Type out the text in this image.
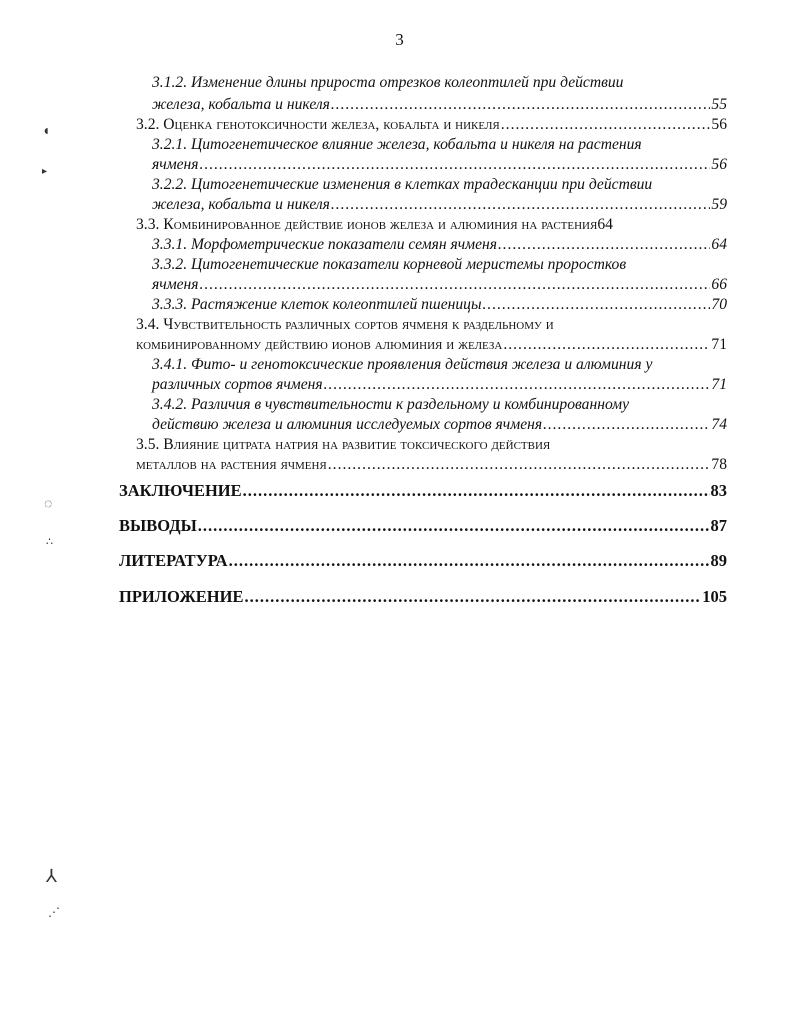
3
3.1.2. Изменение длины прироста отрезков колеоптилей при действии
железа, кобальта и никеля .....	55
3.2. Оценка генотоксичности железа, кобальта и никеля .....	56
3.2.1. Цитогенетическое влияние железа, кобальта и никеля на растения
ячменя .....	56
3.2.2. Цитогенетические изменения в клетках традесканции при действии
железа, кобальта и никеля .....	59
3.3. Комбинированное действие ионов железа и алюминия на растения 64
3.3.1. Морфометрические показатели семян ячменя .....	64
3.3.2. Цитогенетические показатели корневой меристемы проростков
ячменя .....	66
3.3.3. Растяжение клеток колеоптилей пшеницы .....	70
3.4. Чувствительность различных сортов ячменя к раздельному и
комбинированному действию ионов алюминия и железа .....	71
3.4.1. Фито- и генотоксические проявления действия железа и алюминия у
различных сортов ячменя .....	71
3.4.2. Различия в чувствительности к раздельному и комбинированному
действию железа и алюминия исследуемых сортов ячменя .....	74
3.5. Влияние цитрата натрия на развитие токсического действия
металлов на растения ячменя .....	78
ЗАКЛЮЧЕНИЕ .....	83
ВЫВОДЫ .....	87
ЛИТЕРАТУРА .....	89
ПРИЛОЖЕНИЕ .....	105
◖
▸
◌
∴
⅄
⋰
